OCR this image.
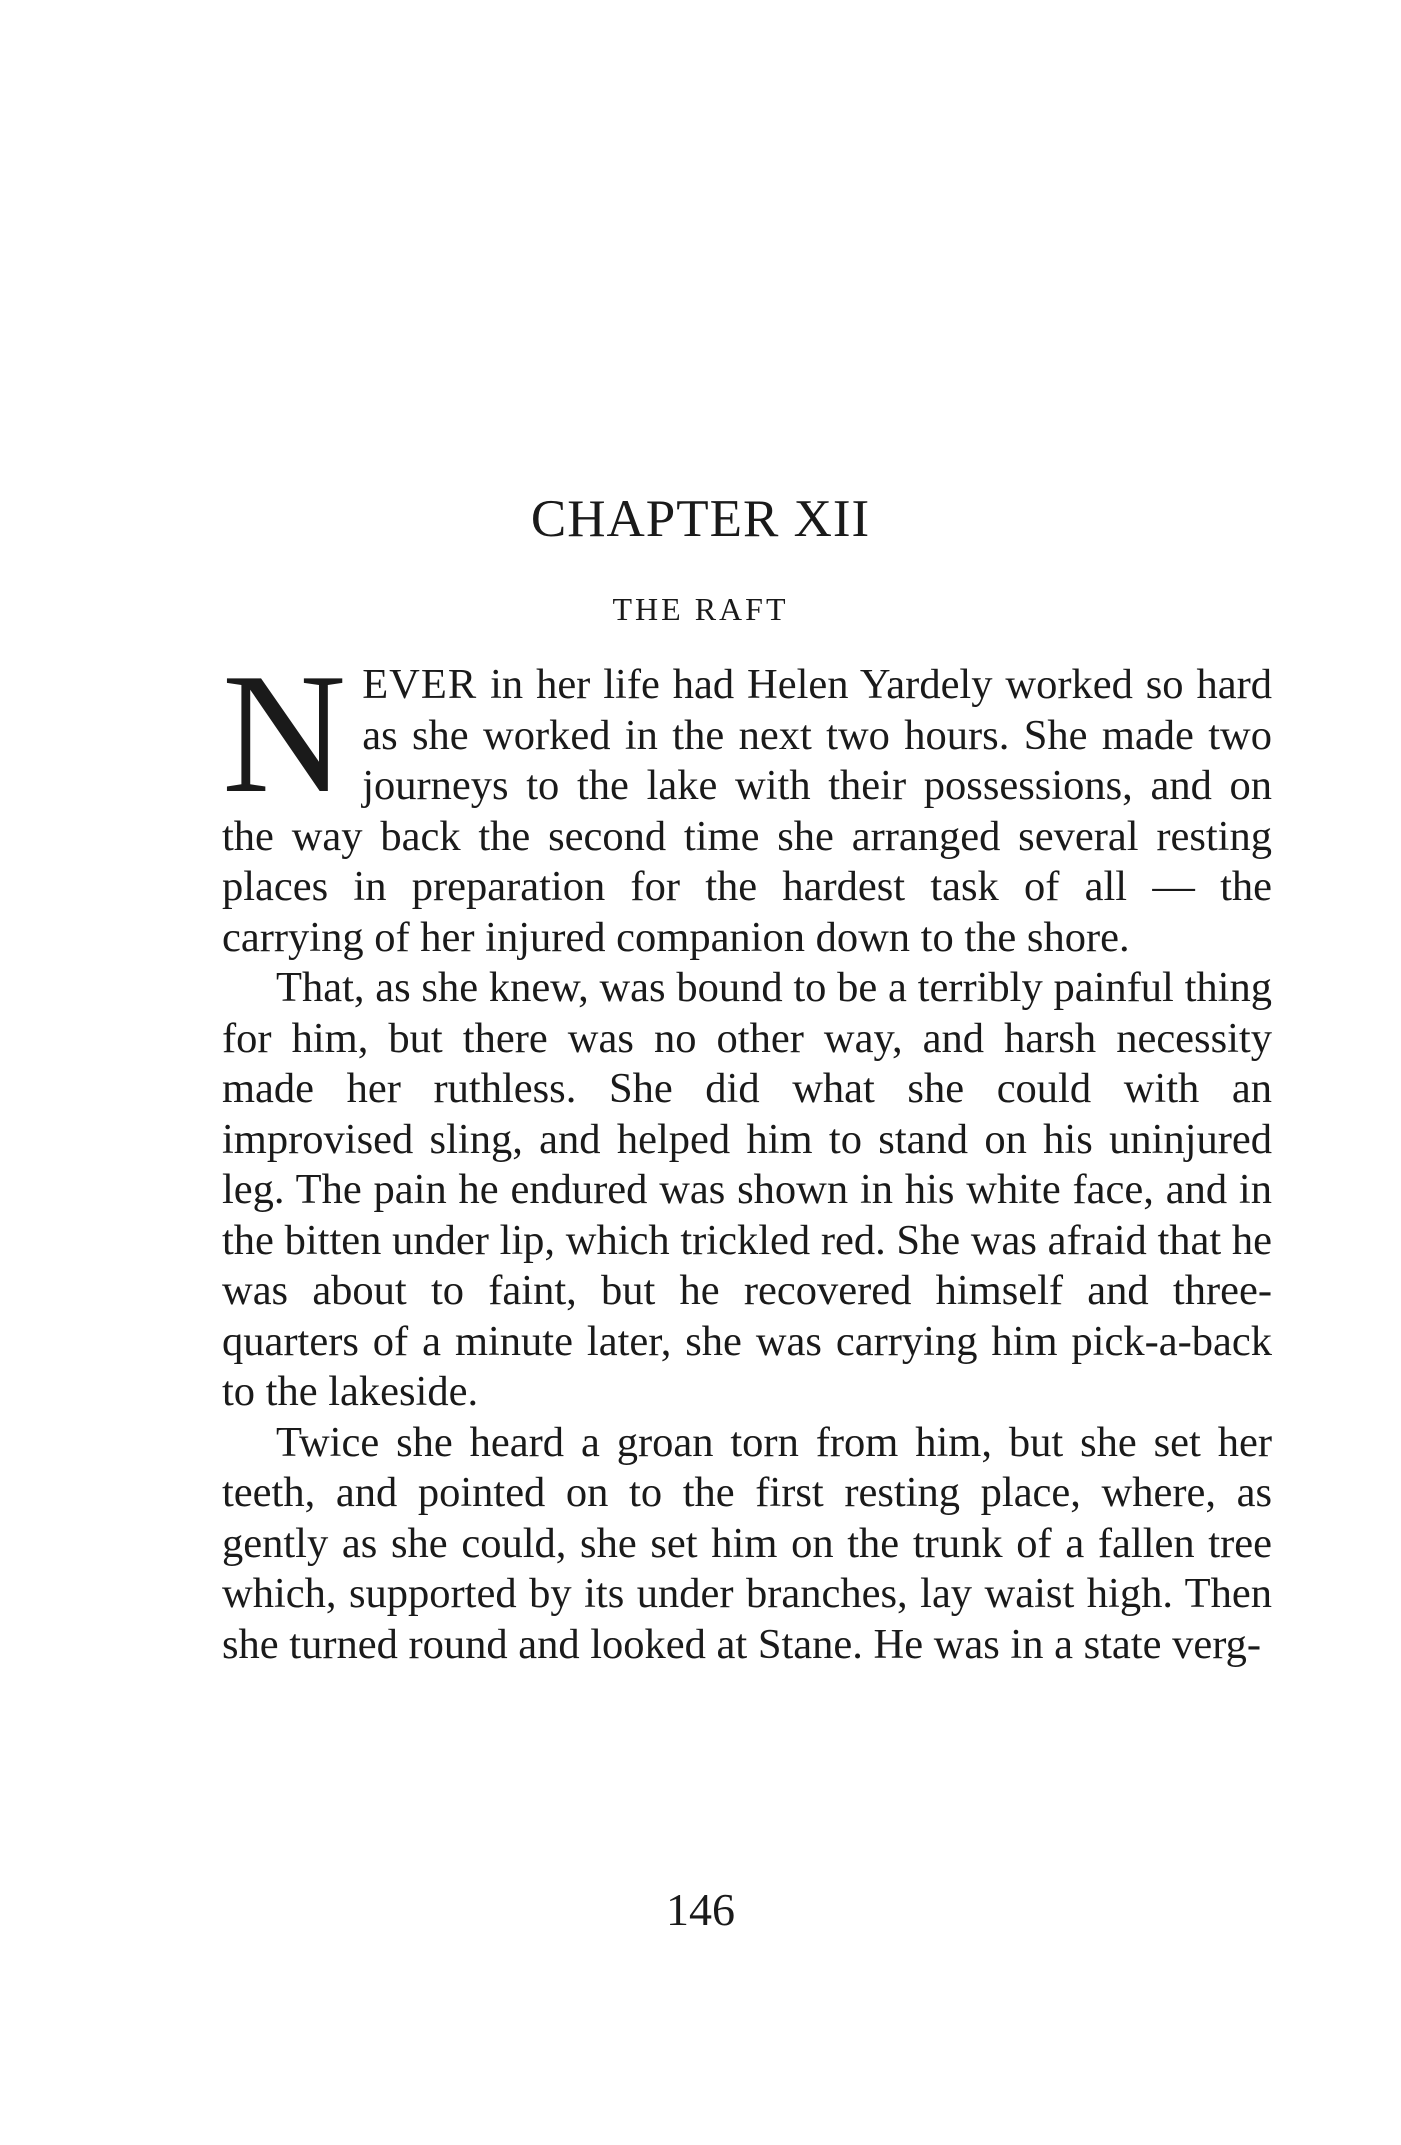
CHAPTER XII
THE RAFT

NEVER in her life had Helen Yardely worked so hard as she worked in the next two hours. She made two journeys to the lake with their possessions, and on the way back the second time she arranged several resting places in preparation for the hardest task of all — the carrying of her injured companion down to the shore.

That, as she knew, was bound to be a terribly painful thing for him, but there was no other way, and harsh necessity made her ruthless. She did what she could with an improvised sling, and helped him to stand on his uninjured leg. The pain he endured was shown in his white face, and in the bitten under lip, which trickled red. She was afraid that he was about to faint, but he recovered himself and three-quarters of a minute later, she was carrying him pick-a-back to the lakeside.

Twice she heard a groan torn from him, but she set her teeth, and pointed on to the first resting place, where, as gently as she could, she set him on the trunk of a fallen tree which, supported by its under branches, lay waist high. Then she turned round and looked at Stane. He was in a state verg-

146
